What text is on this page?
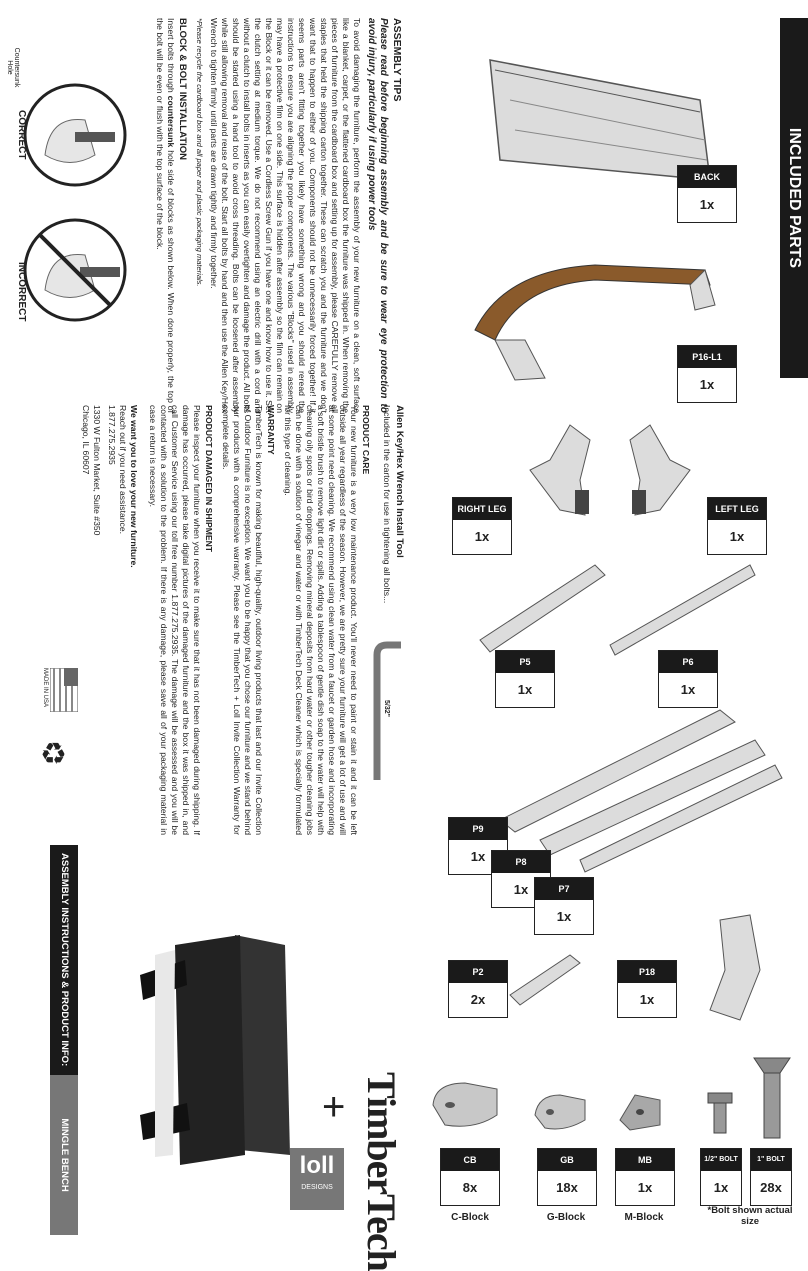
INCLUDED PARTS
BACK
1x
P16-L1
1x
RIGHT LEG
1x
LEFT LEG
1x
P5
1x
P6
1x
P9
1x	P8
1x	P7
1x
P2
2x
P18
1x
CB
8x
GB
18x
MB
1x
1/2" BOLT
1x
1" BOLT
28x
C-Block	G-Block	M-Block
*Bolt shown actual size
5/32"
ASSEMBLY TIPS

Please read before beginning assembly and be sure to wear eye protection to avoid injury, particularly if using power tools

To avoid damaging the furniture, perform the assembly of your new furniture on a clean, soft surface like a blanket, carpet, or the flattened cardboard box the furniture was shipped in. When removing the pieces of furniture from the cardboard box and setting up for assembly, please CAREFULLY remove all staples that held the shipping carton together. These can scratch you and the furniture and we don't want that to happen to either of you. Components should not be unnecessarily forced together! If it seems parts aren't fitting together you likely have something wrong and you should reread the instructions to ensure you are aligning the proper components. The various "Blocks" used in assembly may have a protective film on one side. This surface is hidden after assembly so the film can remain on the Block or it can be removed. Use a Cordless Screw Gun if you have one and know how to use it. Set the clutch setting at medium torque. We do not recommend using an electric drill with a cord and without a clutch to install bolts in inserts as you can easily overtighten and damage the product. All bolts should be started using a hand tool to avoid cross threading. Bolts can be loosened after assembly while still allowing removal and reuse of the bolt. Start all bolts by hand and then use the Allen Key/Hex Wrench to tighten firmly until parts are drawn tightly and firmly together.

*Please recycle the cardboard box and all paper and plastic packaging materials.

BLOCK & BOLT INSTALLATION

Insert bolts through countersunk hole side of blocks as shown below. When done properly, the top of the bolt will be even or flush with the top surface of the block.

Countersunk Hole
CORRECT
INCORRECT
Allen Key/Hex Wrench Install Tool

Included in the carton for use in tightening all bolts...

PRODUCT CARE

Your new furniture is a very low maintenance product. You'll never need to paint or stain it and it can be left outside all year regardless of the season. However, we are pretty sure your furniture will get a lot of use and will at some point need cleaning. We recommend using clean water from a faucet or garden hose and incorporating a soft bristle brush to remove light dirt or spills. Adding a tablespoon of gentle dish soap to the water will help with cleaning oily spots or bird droppings. Removing mineral deposits from hard water or other tougher cleaning jobs can be done with a solution of vinegar and water or with TimberTech Deck Cleaner which is specially formulated for this type of cleaning.

WARRANTY

TimberTech is known for making beautiful, high-quality, outdoor living products that last and our Invite Collection of Outdoor Furniture is no exception. We want you to be happy that you chose our furniture and we stand behind our products with a comprehensive warranty. Please see the TimberTech + Loll Invite Collection Warranty for complete details.

PRODUCT DAMAGED IN SHIPMENT

Please inspect your furniture when you receive it to make sure that it has not been damaged during shipping. If damage has occurred, please take digital pictures of the damaged furniture and the box it was shipped in, and call Customer Service using our toll free number 1.877.275.2935. The damage will be assessed and you will be contacted with a solution to the problem. If there is any damage, please save all of your packaging material in case a return is necessary.

We want you to love your new furniture.

Reach out if you need assistance.

1.877.275.2935

1330 W Fulton Market, Suite #350

Chicago, IL 60607

MADE IN USA
♻
ASSEMBLY INSTRUCTIONS & PRODUCT INFO:
MINGLE BENCH	TimberTech
+
loll
DESIGNS
